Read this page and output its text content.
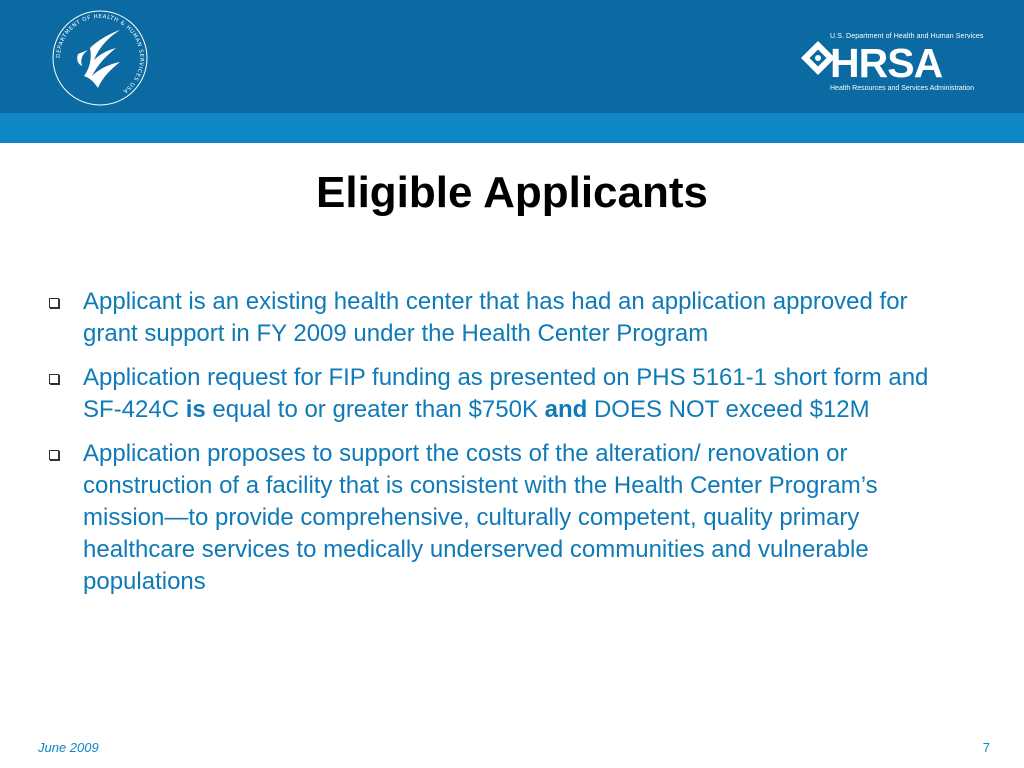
DEPARTMENT OF HEALTH & HUMAN SERVICES USA
U.S. Department of Health and Human Services
HRSA
Health Resources and Services Administration
Eligible Applicants
Applicant is an existing health center that has had an application approved for grant support in FY 2009 under the Health Center Program
Application request for FIP funding as presented on PHS 5161-1 short form and SF-424C is equal to or greater than $750K and DOES NOT exceed $12M
Application proposes to support the costs of the alteration/ renovation or construction of a facility that is consistent with the Health Center Program’s mission—to provide comprehensive, culturally competent, quality primary healthcare services to medically underserved communities and vulnerable populations
June 2009	7
